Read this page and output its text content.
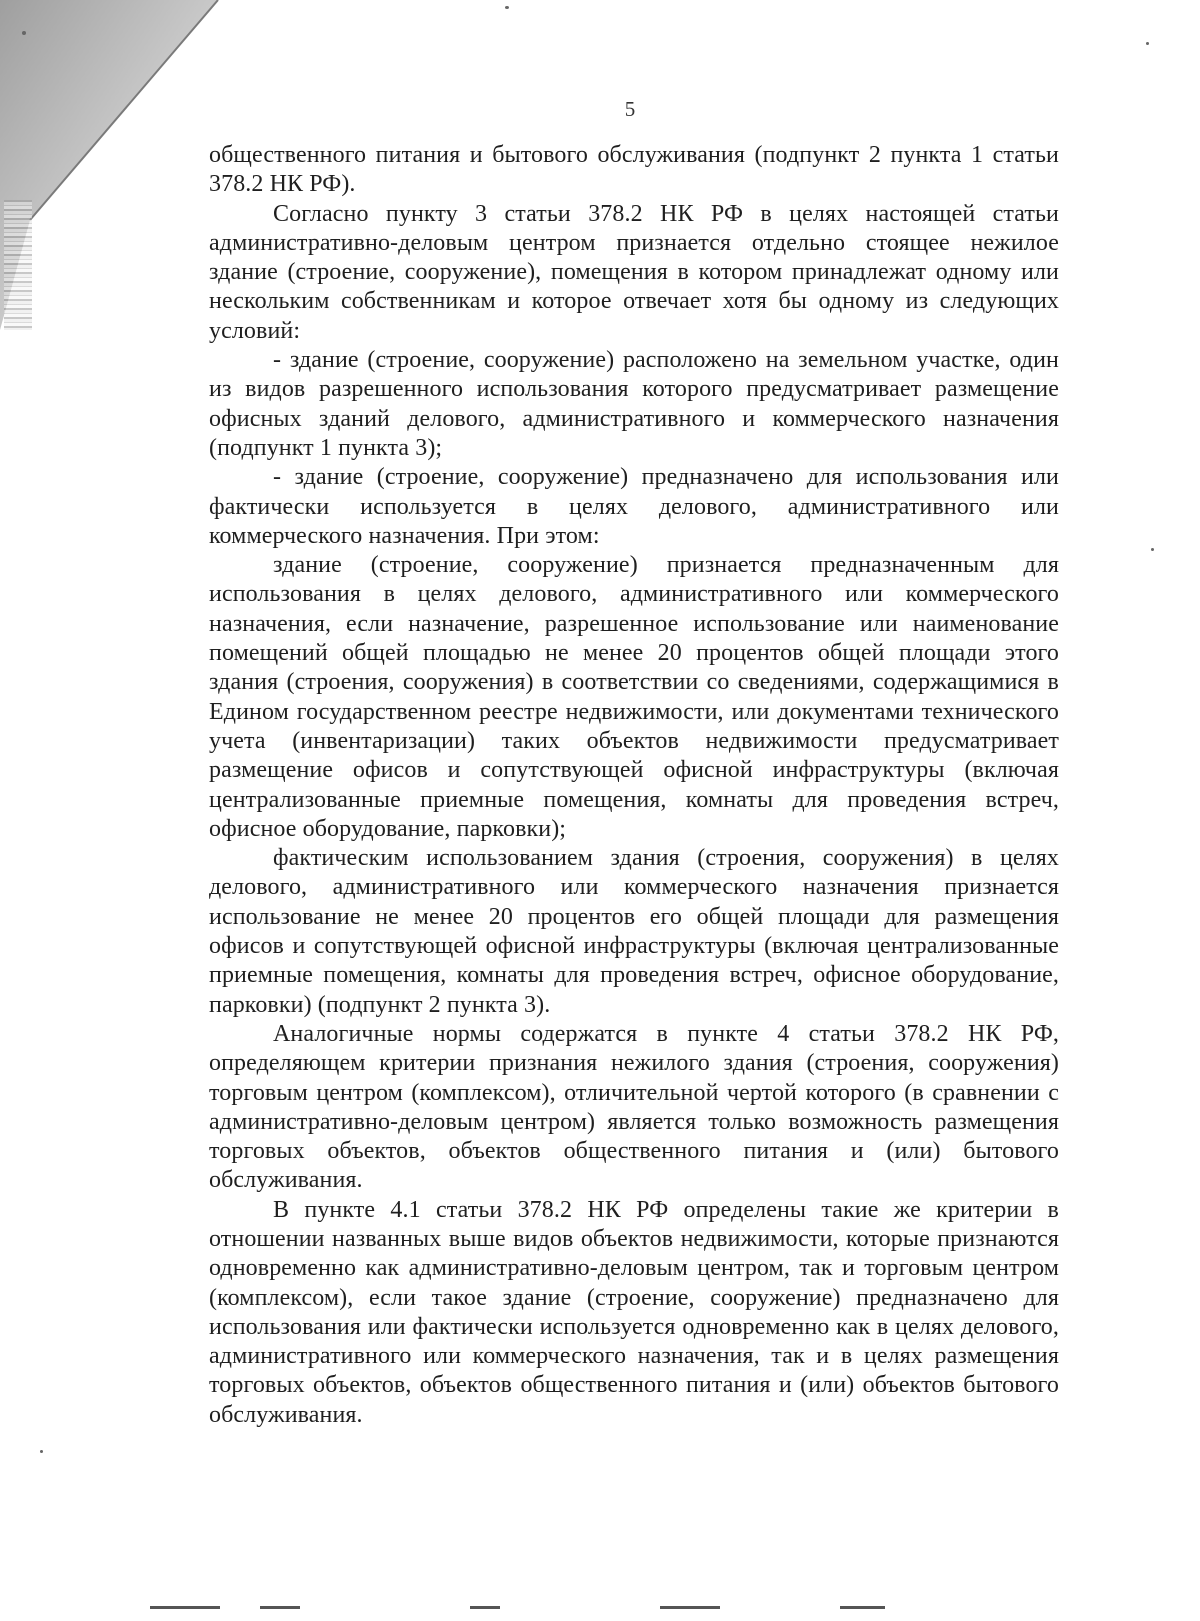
5

общественного питания и бытового обслуживания (подпункт 2 пункта 1 статьи 378.2 НК РФ).

Согласно пункту 3 статьи 378.2 НК РФ в целях настоящей статьи административно-деловым центром признается отдельно стоящее нежилое здание (строение, сооружение), помещения в котором принадлежат одному или нескольким собственникам и которое отвечает хотя бы одному из следующих условий:

- здание (строение, сооружение) расположено на земельном участке, один из видов разрешенного использования которого предусматривает размещение офисных зданий делового, административного и коммерческого назначения (подпункт 1 пункта 3);

- здание (строение, сооружение) предназначено для использования или фактически используется в целях делового, административного или коммерческого назначения. При этом:

здание (строение, сооружение) признается предназначенным для использования в целях делового, административного или коммерческого назначения, если назначение, разрешенное использование или наименование помещений общей площадью не менее 20 процентов общей площади этого здания (строения, сооружения) в соответствии со сведениями, содержащимися в Едином государственном реестре недвижимости, или документами технического учета (инвентаризации) таких объектов недвижимости предусматривает размещение офисов и сопутствующей офисной инфраструктуры (включая централизованные приемные помещения, комнаты для проведения встреч, офисное оборудование, парковки);

фактическим использованием здания (строения, сооружения) в целях делового, административного или коммерческого назначения признается использование не менее 20 процентов его общей площади для размещения офисов и сопутствующей офисной инфраструктуры (включая централизованные приемные помещения, комнаты для проведения встреч, офисное оборудование, парковки) (подпункт 2 пункта 3).

Аналогичные нормы содержатся в пункте 4 статьи 378.2 НК РФ, определяющем критерии признания нежилого здания (строения, сооружения) торговым центром (комплексом), отличительной чертой которого (в сравнении с административно-деловым центром) является только возможность размещения торговых объектов, объектов общественного питания и (или) бытового обслуживания.

В пункте 4.1 статьи 378.2 НК РФ определены такие же критерии в отношении названных выше видов объектов недвижимости, которые признаются одновременно как административно-деловым центром, так и торговым центром (комплексом), если такое здание (строение, сооружение) предназначено для использования или фактически используется одновременно как в целях делового, административного или коммерческого назначения, так и в целях размещения торговых объектов, объектов общественного питания и (или) объектов бытового обслуживания.
